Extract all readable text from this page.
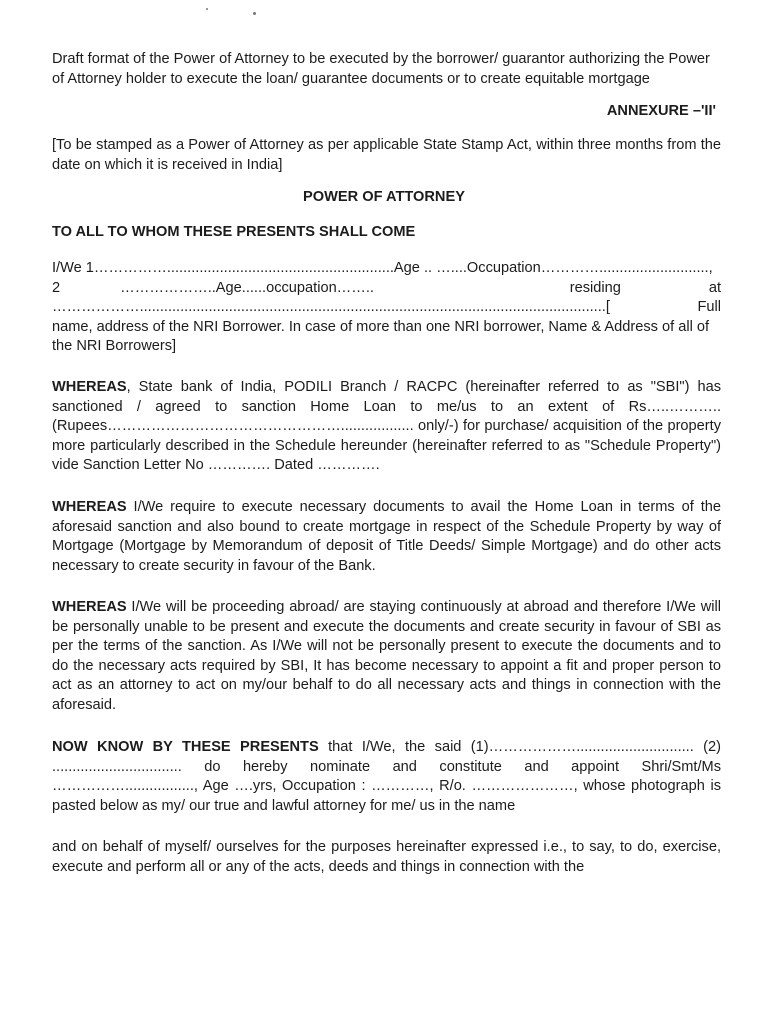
Draft format of the Power of Attorney to be executed by the borrower/ guarantor authorizing the Power of Attorney holder to execute the loan/ guarantee documents or to create equitable mortgage

ANNEXURE –'II'

[To be stamped as a Power of Attorney as per applicable State Stamp Act, within three months from the date on which it is received in India]

POWER OF ATTORNEY
TO ALL TO WHOM THESE PRESENTS SHALL COME
I/We 1……………........................................................Age .. …....Occupation…………...........................,
2	………………..Age......occupation……..	residing	at
………………...................................................................................................................[	Full
name, address of the NRI Borrower. In case of more than one NRI borrower, Name & Address of all of the NRI Borrowers]

WHEREAS, State bank of India, PODILI Branch / RACPC (hereinafter referred to as "SBI") has sanctioned / agreed to sanction Home Loan to me/us to an extent of Rs…..……….. (Rupees………………………………………….................. only/-) for purchase/ acquisition of the property more particularly described in the Schedule hereunder (hereinafter referred to as "Schedule Property") vide Sanction Letter No …………. Dated ………….

WHEREAS I/We require to execute necessary documents to avail the Home Loan in terms of the aforesaid sanction and also bound to create mortgage in respect of the Schedule Property by way of Mortgage (Mortgage by Memorandum of deposit of Title Deeds/ Simple Mortgage) and do other acts necessary to create security in favour of the Bank.

WHEREAS I/We will be proceeding abroad/ are staying continuously at abroad and therefore I/We will be personally unable to be present and execute the documents and create security in favour of SBI as per the terms of the sanction. As I/We will not be personally present to execute the documents and to do the necessary acts required by SBI, It has become necessary to appoint a fit and proper person to act as an attorney to act on my/our behalf to do all necessary acts and things in connection with the aforesaid.

NOW KNOW BY THESE PRESENTS that I/We, the said (1)………………............................. (2) ................................ do hereby nominate and constitute and appoint Shri/Smt/Ms ……………................., Age ….yrs, Occupation : …………, R/o. …………………, whose photograph is pasted below as my/ our true and lawful attorney for me/ us in the name

and on behalf of myself/ ourselves for the purposes hereinafter expressed i.e., to say, to do, exercise, execute and perform all or any of the acts, deeds and things in connection with the
